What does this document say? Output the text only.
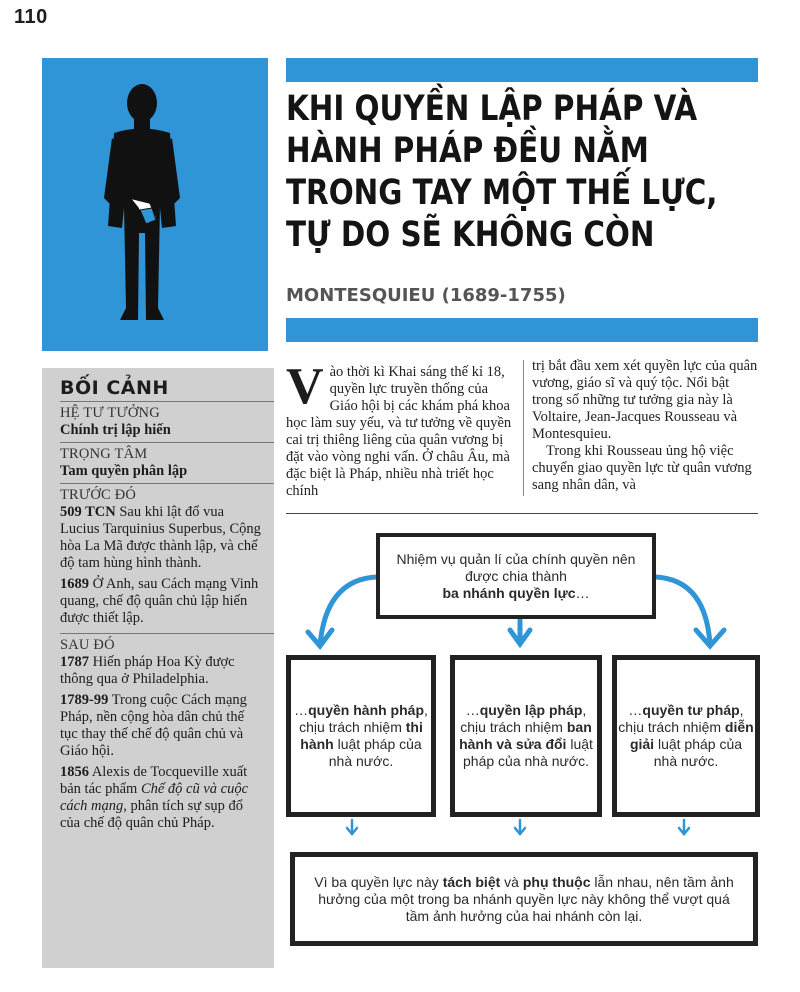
110
KHI QUYỀN LẬP PHÁP VÀ
HÀNH PHÁP ĐỀU NẰM
TRONG TAY MỘT THẾ LỰC,
TỰ DO SẼ KHÔNG CÒN
MONTESQUIEU (1689-1755)
BỐI CẢNH
HỆ TƯ TƯỞNG
Chính trị lập hiến
TRỌNG TÂM
Tam quyền phân lập
TRƯỚC ĐÓ
509 TCN Sau khi lật đổ vua Lucius Tarquinius Superbus, Cộng hòa La Mã được thành lập, và chế độ tam hùng hình thành.
1689 Ở Anh, sau Cách mạng Vinh quang, chế độ quân chủ lập hiến được thiết lập.
SAU ĐÓ
1787 Hiến pháp Hoa Kỳ được thông qua ở Philadelphia.
1789-99 Trong cuộc Cách mạng Pháp, nền cộng hòa dân chủ thế tục thay thế chế độ quân chủ và Giáo hội.
1856 Alexis de Tocqueville xuất bản tác phẩm Chế độ cũ và cuộc cách mạng, phân tích sự sụp đổ của chế độ quân chủ Pháp.
Vào thời kì Khai sáng thế kỉ 18, quyền lực truyền thống của Giáo hội bị các khám phá khoa học làm suy yếu, và tư tưởng về quyền cai trị thiêng liêng của quân vương bị đặt vào vòng nghi vấn. Ở châu Âu, mà đặc biệt là Pháp, nhiều nhà triết học chính
trị bắt đầu xem xét quyền lực của quân vương, giáo sĩ và quý tộc. Nổi bật trong số những tư tưởng gia này là Voltaire, Jean-Jacques Rousseau và Montesquieu.
Trong khi Rousseau ủng hộ việc chuyển giao quyền lực từ quân vương sang nhân dân, và
Nhiệm vụ quản lí của chính quyền nên được chia thành
ba nhánh quyền lực…
…quyền hành pháp, chịu trách nhiệm thi hành luật pháp của nhà nước.
…quyền lập pháp, chịu trách nhiệm ban hành và sửa đổi luật pháp của nhà nước.
…quyền tư pháp, chịu trách nhiệm diễn giải luật pháp của nhà nước.
Vì ba quyền lực này tách biệt và phụ thuộc lẫn nhau, nên tầm ảnh hưởng của một trong ba nhánh quyền lực này không thể vượt quá tầm ảnh hưởng của hai nhánh còn lại.
